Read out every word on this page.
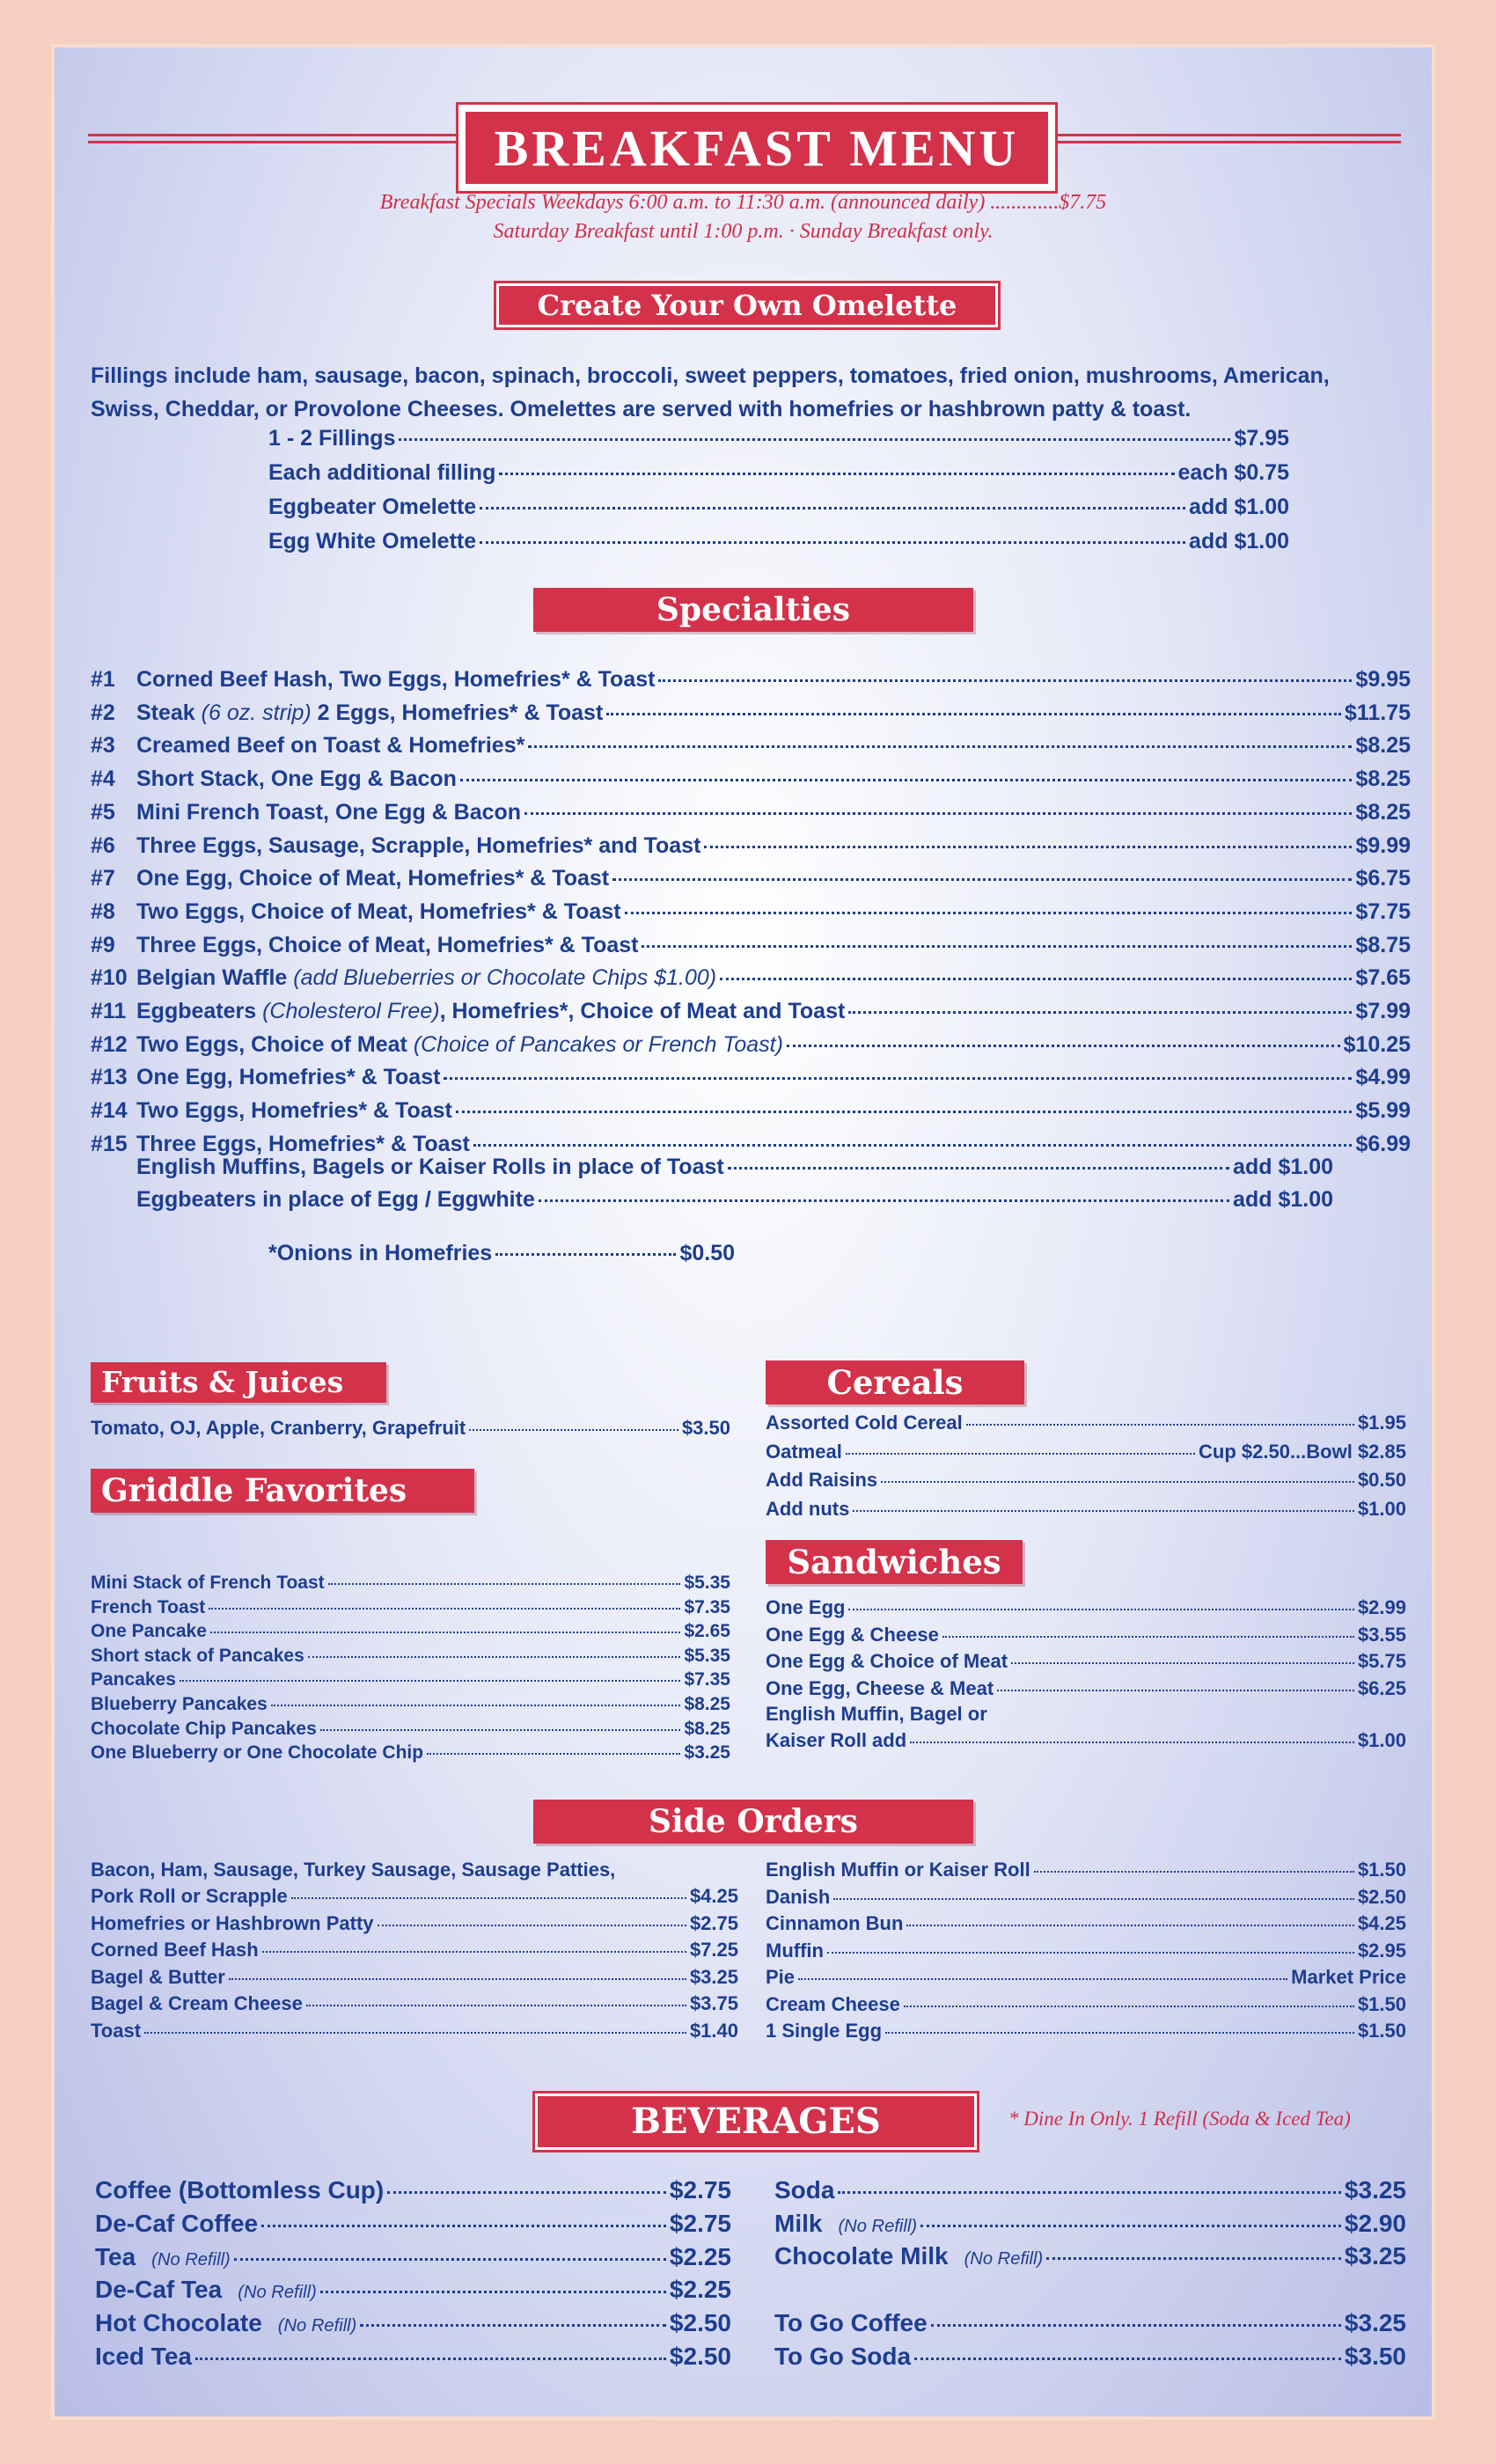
BREAKFAST MENU
Breakfast Specials Weekdays 6:00 a.m. to 11:30 a.m. (announced daily) .............$7.75
Saturday Breakfast until 1:00 p.m. · Sunday Breakfast only.
Create Your Own Omelette
Fillings include ham, sausage, bacon, spinach, broccoli, sweet peppers, tomatoes, fried onion, mushrooms, American, Swiss, Cheddar, or Provolone Cheeses. Omelettes are served with homefries or hashbrown patty & toast.
1 - 2 Fillings	$7.95
Each additional filling	each $0.75
Eggbeater Omelette	add $1.00
Egg White Omelette	add $1.00
Specialties
#1 Corned Beef Hash, Two Eggs, Homefries* & Toast	$9.95
#2 Steak (6 oz. strip) 2 Eggs, Homefries* & Toast	$11.75
#3 Creamed Beef on Toast & Homefries*	$8.25
#4 Short Stack, One Egg & Bacon	$8.25
#5 Mini French Toast, One Egg & Bacon	$8.25
#6 Three Eggs, Sausage, Scrapple, Homefries* and Toast	$9.99
#7 One Egg, Choice of Meat, Homefries* & Toast	$6.75
#8 Two Eggs, Choice of Meat, Homefries* & Toast	$7.75
#9 Three Eggs, Choice of Meat, Homefries* & Toast	$8.75
#10 Belgian Waffle (add Blueberries or Chocolate Chips $1.00)	$7.65
#11 Eggbeaters (Cholesterol Free), Homefries*, Choice of Meat and Toast	$7.99
#12 Two Eggs, Choice of Meat (Choice of Pancakes or French Toast)	$10.25
#13 One Egg, Homefries* & Toast	$4.99
#14 Two Eggs, Homefries* & Toast	$5.99
#15 Three Eggs, Homefries* & Toast	$6.99
English Muffins, Bagels or Kaiser Rolls in place of Toast	add $1.00
Eggbeaters in place of Egg / Eggwhite	add $1.00
*Onions in Homefries	$0.50
Fruits & Juices
Tomato, OJ, Apple, Cranberry, Grapefruit	$3.50
Griddle Favorites
Mini Stack of French Toast	$5.35
French Toast	$7.35
One Pancake	$2.65
Short stack of Pancakes	$5.35
Pancakes	$7.35
Blueberry Pancakes	$8.25
Chocolate Chip Pancakes	$8.25
One Blueberry or One Chocolate Chip	$3.25
Cereals
Assorted Cold Cereal	$1.95
Oatmeal	Cup $2.50...Bowl $2.85
Add Raisins	$0.50
Add nuts	$1.00
Sandwiches
One Egg	$2.99
One Egg & Cheese	$3.55
One Egg & Choice of Meat	$5.75
One Egg, Cheese & Meat	$6.25
English Muffin, Bagel or
Kaiser Roll add	$1.00
Side Orders
Bacon, Ham, Sausage, Turkey Sausage, Sausage Patties,
Pork Roll or Scrapple	$4.25
Homefries or Hashbrown Patty	$2.75
Corned Beef Hash	$7.25
Bagel & Butter	$3.25
Bagel & Cream Cheese	$3.75
Toast	$1.40
English Muffin or Kaiser Roll	$1.50
Danish	$2.50
Cinnamon Bun	$4.25
Muffin	$2.95
Pie	Market Price
Cream Cheese	$1.50
1 Single Egg	$1.50
BEVERAGES	* Dine In Only. 1 Refill (Soda & Iced Tea)
Coffee (Bottomless Cup)	$2.75
De-Caf Coffee	$2.75
Tea (No Refill)	$2.25
De-Caf Tea (No Refill)	$2.25
Hot Chocolate (No Refill)	$2.50
Iced Tea	$2.50
Soda	$3.25
Milk (No Refill)	$2.90
Chocolate Milk (No Refill)	$3.25
To Go Coffee	$3.25
To Go Soda	$3.50
